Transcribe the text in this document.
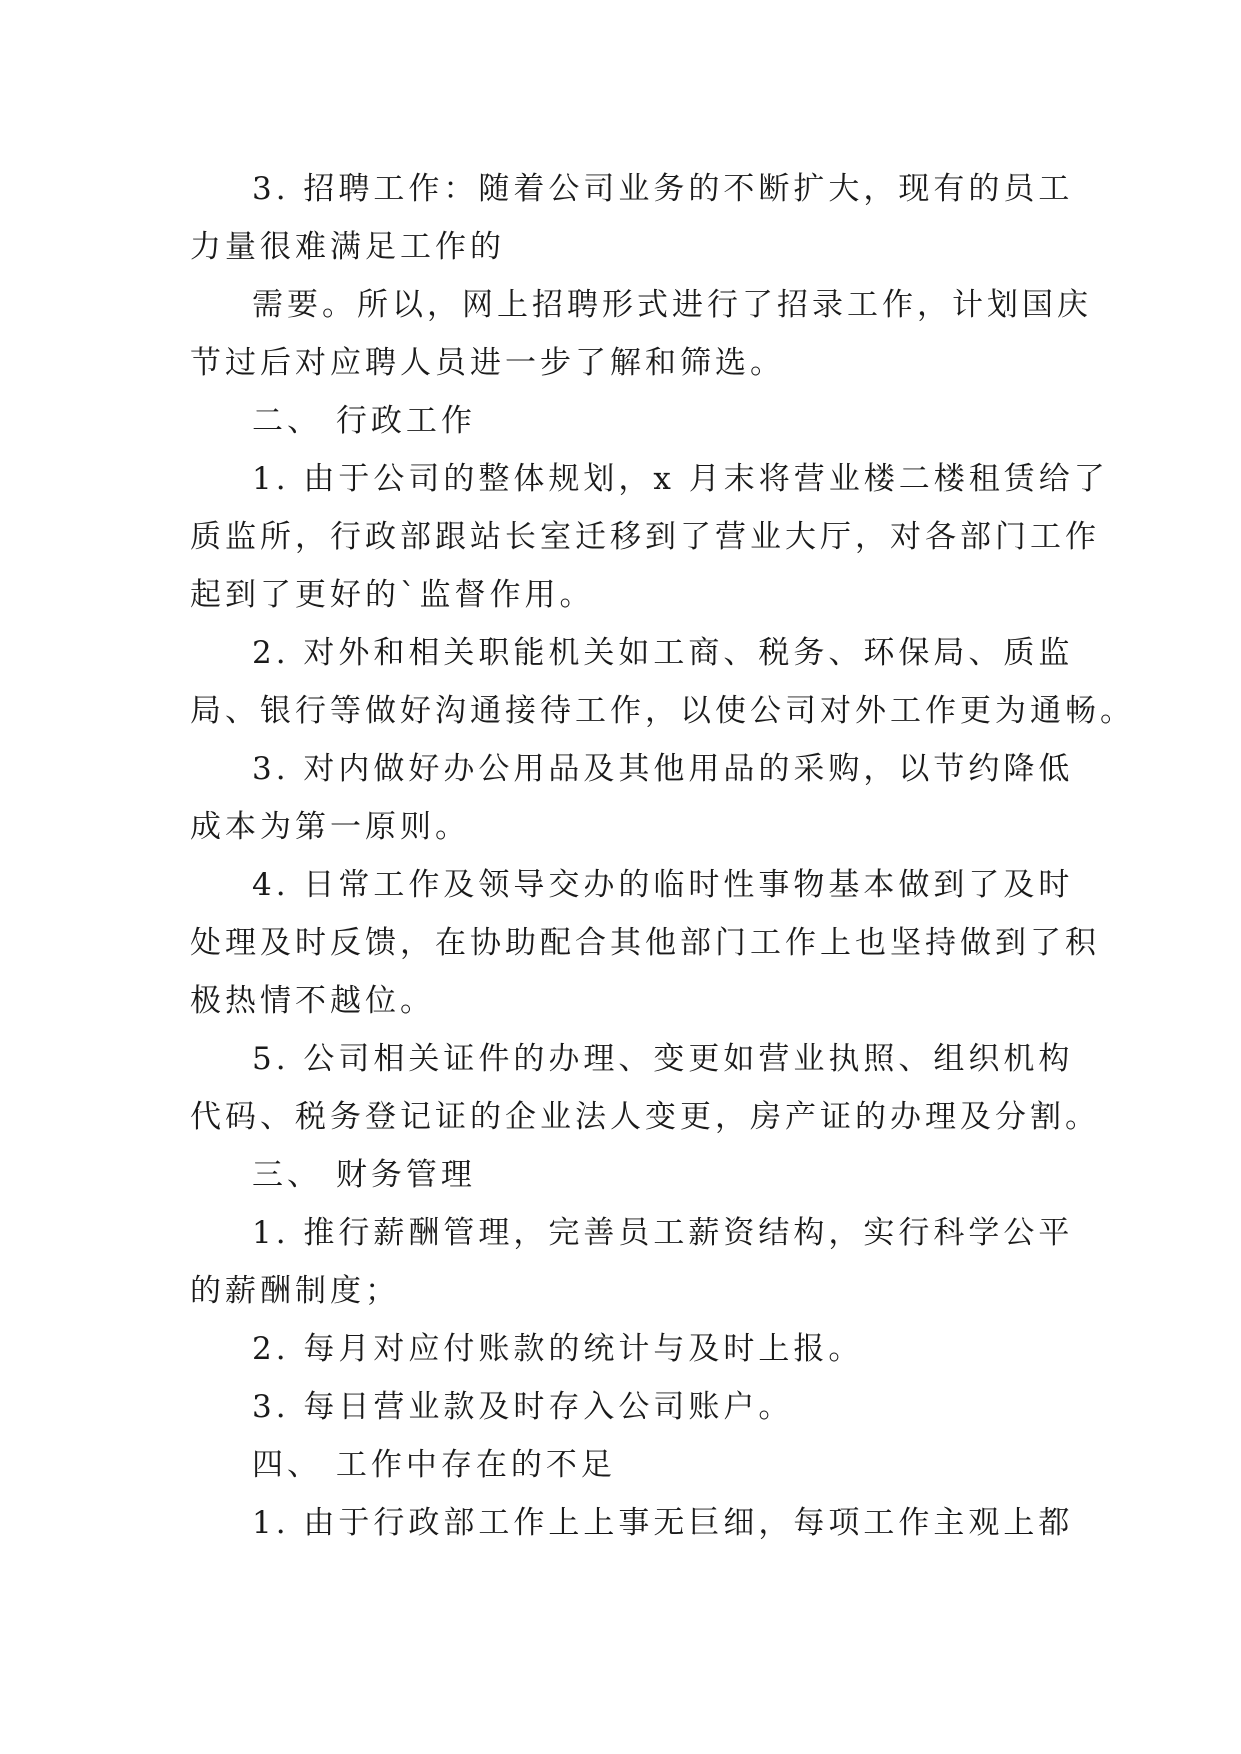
3. 招聘工作：随着公司业务的不断扩大，现有的员工
力量很难满足工作的
需要。所以，网上招聘形式进行了招录工作，计划国庆
节过后对应聘人员进一步了解和筛选。
二、 行政工作
1. 由于公司的整体规划，x 月末将营业楼二楼租赁给了
质监所，行政部跟站长室迁移到了营业大厅，对各部门工作
起到了更好的`监督作用。
2. 对外和相关职能机关如工商、税务、环保局、质监
局、银行等做好沟通接待工作，以使公司对外工作更为通畅。
3. 对内做好办公用品及其他用品的采购，以节约降低
成本为第一原则。
4. 日常工作及领导交办的临时性事物基本做到了及时
处理及时反馈，在协助配合其他部门工作上也坚持做到了积
极热情不越位。
5. 公司相关证件的办理、变更如营业执照、组织机构
代码、税务登记证的企业法人变更，房产证的办理及分割。
三、 财务管理
1. 推行薪酬管理，完善员工薪资结构，实行科学公平
的薪酬制度；
2. 每月对应付账款的统计与及时上报。
3. 每日营业款及时存入公司账户。
四、 工作中存在的不足
1. 由于行政部工作上上事无巨细，每项工作主观上都
